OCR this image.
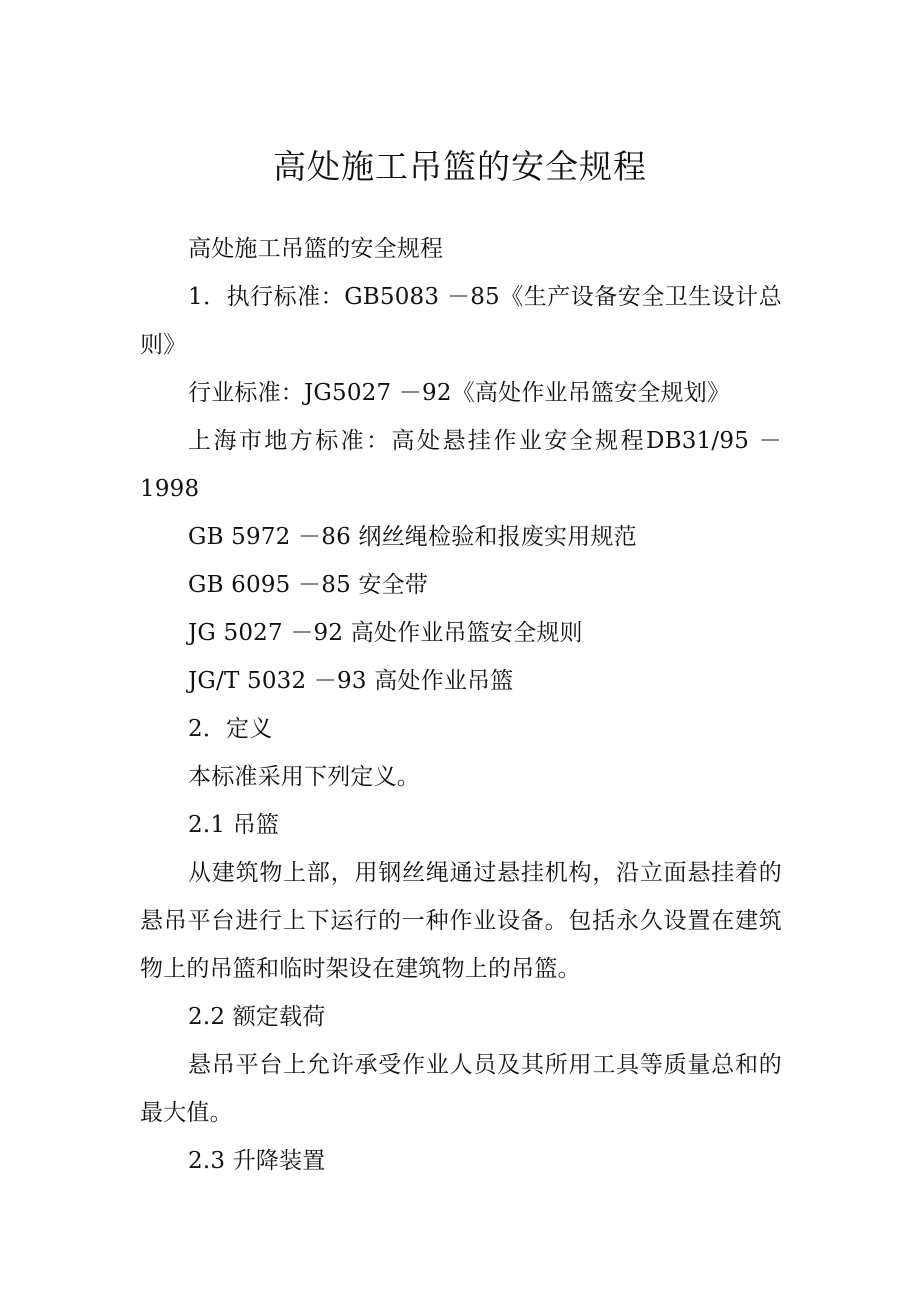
高处施工吊篮的安全规程

高处施工吊篮的安全规程

1．执行标准：GB5083 －85《生产设备安全卫生设计总则》

行业标准：JG5027 －92《高处作业吊篮安全规划》

上海市地方标准：高处悬挂作业安全规程DB31/95 －1998

GB 5972 －86 纲丝绳检验和报废实用规范

GB 6095 －85 安全带

JG 5027 －92 高处作业吊篮安全规则

JG/T 5032 －93 高处作业吊篮

2．定义

本标准采用下列定义。

2.1 吊篮

从建筑物上部，用钢丝绳通过悬挂机构，沿立面悬挂着的悬吊平台进行上下运行的一种作业设备。包括永久设置在建筑物上的吊篮和临时架设在建筑物上的吊篮。

2.2 额定载荷

悬吊平台上允许承受作业人员及其所用工具等质量总和的最大值。

2.3 升降装置
